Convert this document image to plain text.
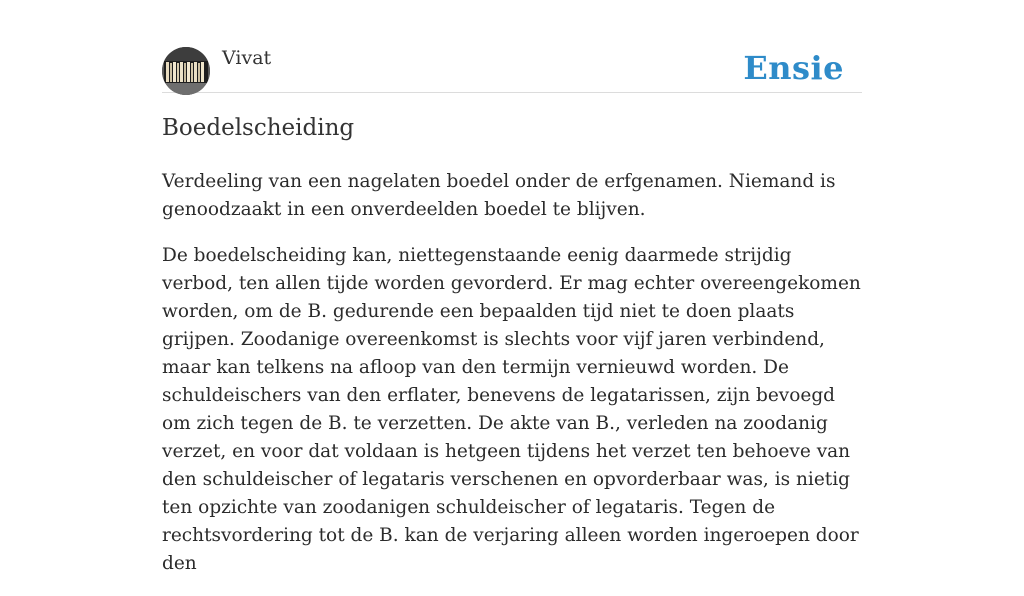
Vivat	Ensie
Boedelscheiding

Verdeeling van een nagelaten boedel onder de erfgenamen. Niemand is genoodzaakt in een onverdeelden boedel te blijven.

De boedelscheiding kan, niettegenstaande eenig daarmede strijdig verbod, ten allen tijde worden gevorderd. Er mag echter overeengekomen worden, om de B. gedurende een bepaalden tijd niet te doen plaats grijpen. Zoodanige overeenkomst is slechts voor vijf jaren verbindend, maar kan telkens na afloop van den termijn vernieuwd worden. De schuldeischers van den erflater, benevens de legatarissen, zijn bevoegd om zich tegen de B. te verzetten. De akte van B., verleden na zoodanig verzet, en voor dat voldaan is hetgeen tijdens het verzet ten behoeve van den schuldeischer of legataris verschenen en opvorderbaar was, is nietig ten opzichte van zoodanigen schuldeischer of legataris. Tegen de rechtsvordering tot de B. kan de verjaring alleen worden ingeroepen door den
